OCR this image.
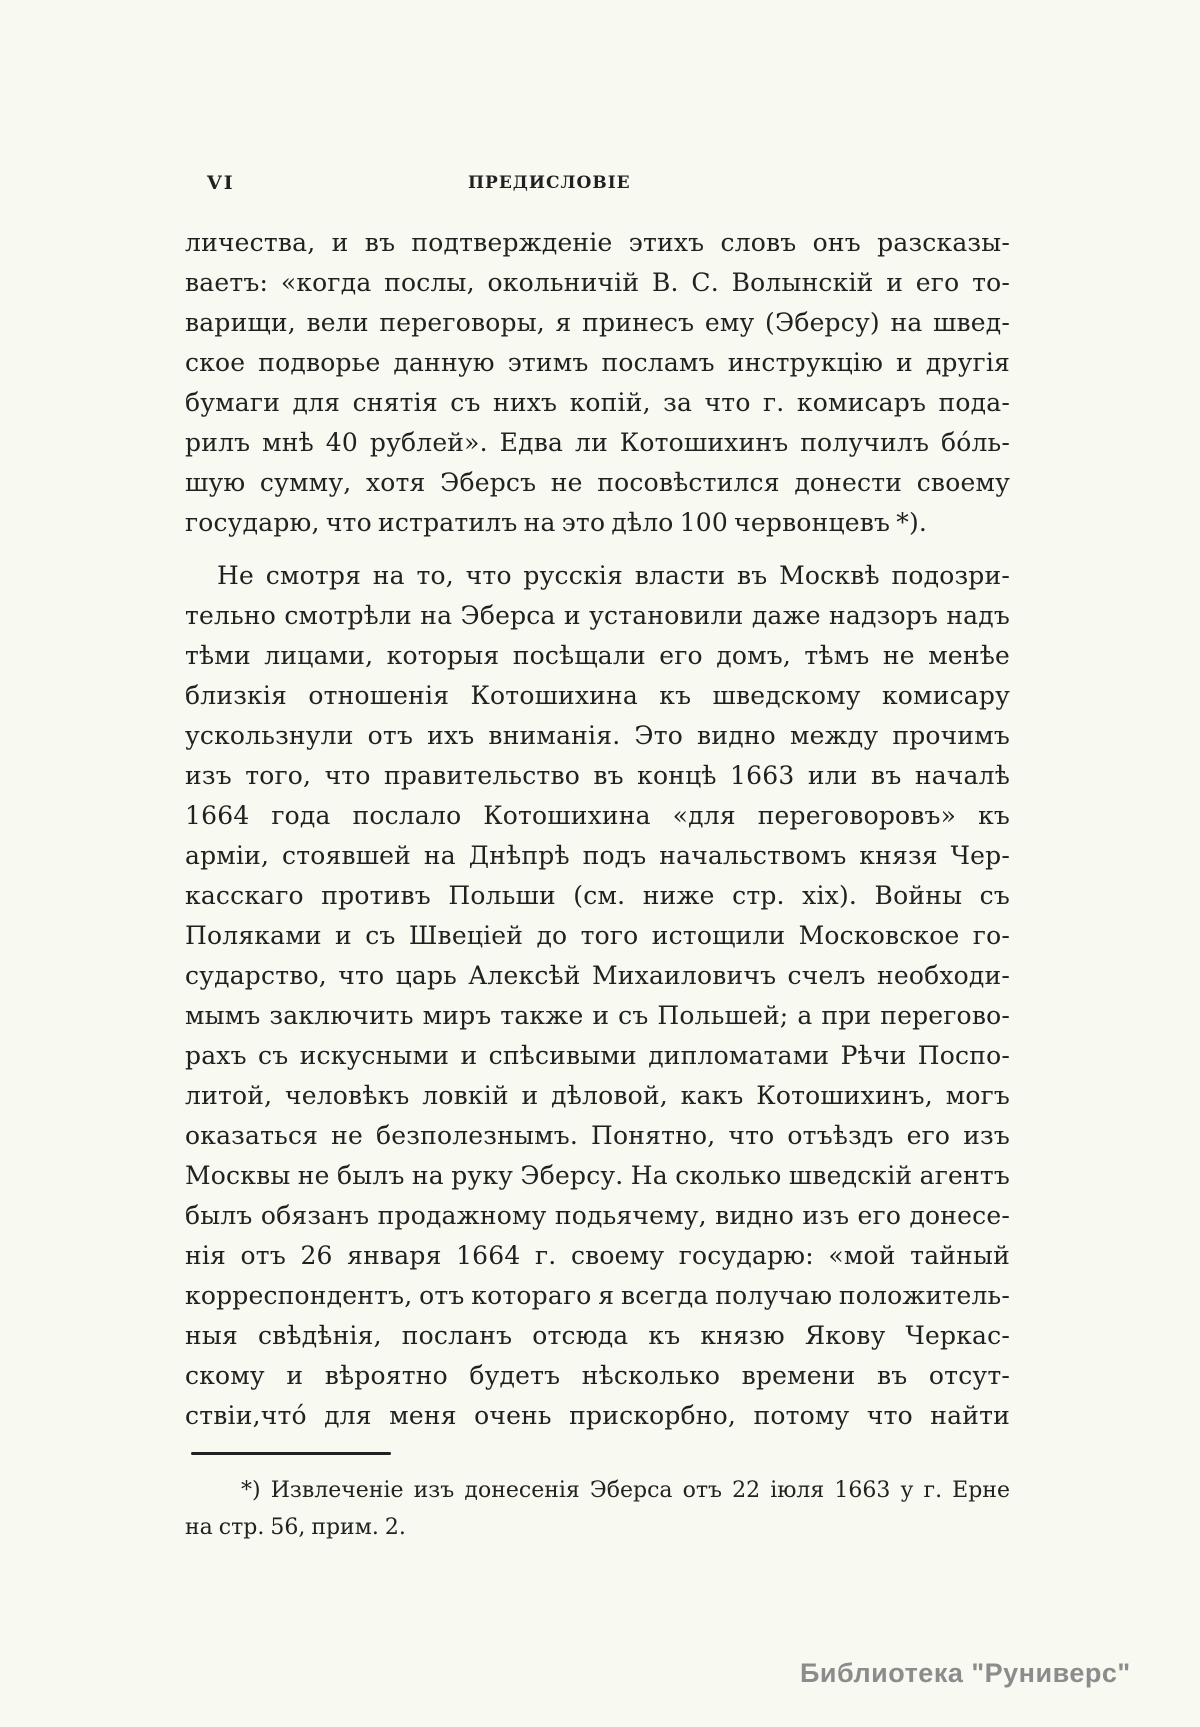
VI	ПРЕДИСЛОВІЕ
личества, и въ подтвержденіе этихъ словъ онъ разсказы-
ваетъ: «когда послы, окольничій В. С. Волынскій и его то-
варищи, вели переговоры, я принесъ ему (Эберсу) на швед-
ское подворье данную этимъ посламъ инструкцію и другія
бумаги для снятія съ нихъ копій, за что г. комисаръ пода-
рилъ мнѣ 40 рублей». Едва ли Котошихинъ получилъ бо́ль-
шую сумму, хотя Эберсъ не посовѣстился донести своему
государю, что истратилъ на это дѣло 100 червонцевъ *).
Не смотря на то, что русскія власти въ Москвѣ подозри-
тельно смотрѣли на Эберса и установили даже надзоръ надъ
тѣми лицами, которыя посѣщали его домъ, тѣмъ не менѣе
близкія отношенія Котошихина къ шведскому комисару
ускользнули отъ ихъ вниманія. Это видно между прочимъ
изъ того, что правительство въ концѣ 1663 или въ началѣ
1664 года послало Котошихина «для переговоровъ» къ
арміи, стоявшей на Днѣпрѣ подъ начальствомъ князя Чер-
касскаго противъ Польши (см. ниже стр. xіx). Войны съ
Поляками и съ Швеціей до того истощили Московское го-
сударство, что царь Алексѣй Михаиловичъ счелъ необходи-
мымъ заключить миръ также и съ Польшей; а при перегово-
рахъ съ искусными и спѣсивыми дипломатами Рѣчи Поспо-
литой, человѣкъ ловкій и дѣловой, какъ Котошихинъ, могъ
оказаться не безполезнымъ. Понятно, что отъѣздъ его изъ
Москвы не былъ на руку Эберсу. На сколько шведскій агентъ
былъ обязанъ продажному подьячему, видно изъ его донесе-
нія отъ 26 января 1664 г. своему государю: «мой тайный
корреспондентъ, отъ котораго я всегда получаю положитель-
ныя свѣдѣнія, посланъ отсюда къ князю Якову Черкас-
скому и вѣроятно будетъ нѣсколько времени въ отсут-
ствіи,что́ для меня очень прискорбно, потому что найти
*) Извлеченіе изъ донесенія Эберса отъ 22 іюля 1663 у г. Ерне
на стр. 56, прим. 2.
Библиотека "Руниверс"
